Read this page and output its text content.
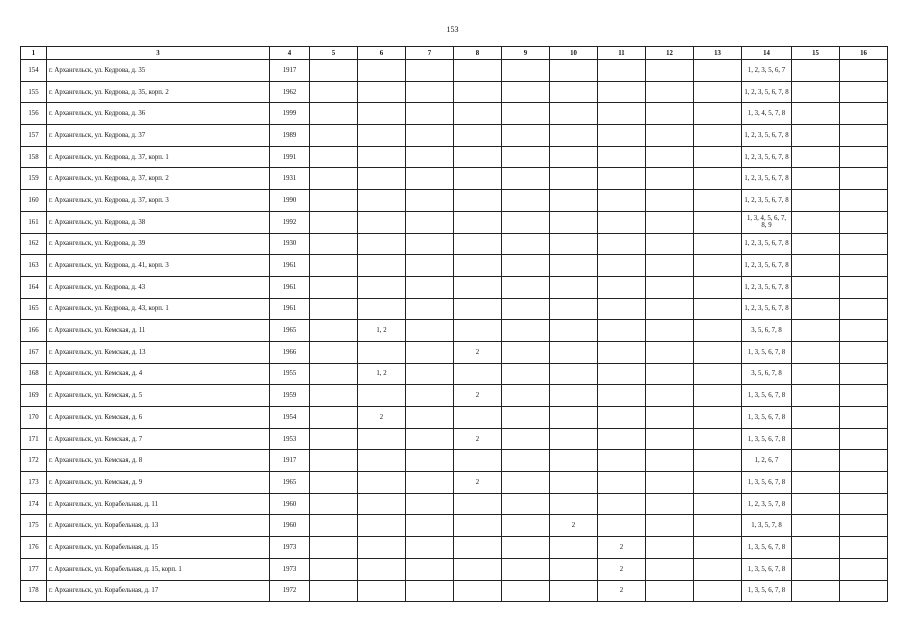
153
1	3	4	5	6	7	8	9	10	11	12	13	14	15	16
154	г. Архангельск, ул. Кедрова, д. 35	1917										1, 2, 3, 5, 6, 7		
155	г. Архангельск, ул. Кедрова, д. 35, корп. 2	1962										1, 2, 3, 5, 6, 7, 8		
156	г. Архангельск, ул. Кедрова, д. 36	1999										1, 3, 4, 5, 7, 8		
157	г. Архангельск, ул. Кедрова, д. 37	1989										1, 2, 3, 5, 6, 7, 8		
158	г. Архангельск, ул. Кедрова, д. 37, корп. 1	1991										1, 2, 3, 5, 6, 7, 8		
159	г. Архангельск, ул. Кедрова, д. 37, корп. 2	1931										1, 2, 3, 5, 6, 7, 8		
160	г. Архангельск, ул. Кедрова, д. 37, корп. 3	1990										1, 2, 3, 5, 6, 7, 8		
161	г. Архангельск, ул. Кедрова, д. 38	1992										1, 3, 4, 5, 6, 7, 8, 9		
162	г. Архангельск, ул. Кедрова, д. 39	1930										1, 2, 3, 5, 6, 7, 8		
163	г. Архангельск, ул. Кедрова, д. 41, корп. 3	1961										1, 2, 3, 5, 6, 7, 8		
164	г. Архангельск, ул. Кедрова, д. 43	1961										1, 2, 3, 5, 6, 7, 8		
165	г. Архангельск, ул. Кедрова, д. 43, корп. 1	1961										1, 2, 3, 5, 6, 7, 8		
166	г. Архангельск, ул. Кемская, д. 11	1965		1, 2								3, 5, 6, 7, 8		
167	г. Архангельск, ул. Кемская, д. 13	1966				2						1, 3, 5, 6, 7, 8		
168	г. Архангельск, ул. Кемская, д. 4	1955		1, 2								3, 5, 6, 7, 8		
169	г. Архангельск, ул. Кемская, д. 5	1959				2						1, 3, 5, 6, 7, 8		
170	г. Архангельск, ул. Кемская, д. 6	1954		2								1, 3, 5, 6, 7, 8		
171	г. Архангельск, ул. Кемская, д. 7	1953				2						1, 3, 5, 6, 7, 8		
172	г. Архангельск, ул. Кемская, д. 8	1917										1, 2, 6, 7		
173	г. Архангельск, ул. Кемская, д. 9	1965				2						1, 3, 5, 6, 7, 8		
174	г. Архангельск, ул. Корабельная, д. 11	1960										1, 2, 3, 5, 7, 8		
175	г. Архангельск, ул. Корабельная, д. 13	1960						2				1, 3, 5, 7, 8		
176	г. Архангельск, ул. Корабельная, д. 15	1973							2			1, 3, 5, 6, 7, 8		
177	г. Архангельск, ул. Корабельная, д. 15, корп. 1	1973							2			1, 3, 5, 6, 7, 8		
178	г. Архангельск, ул. Корабельная, д. 17	1972							2			1, 3, 5, 6, 7, 8		
